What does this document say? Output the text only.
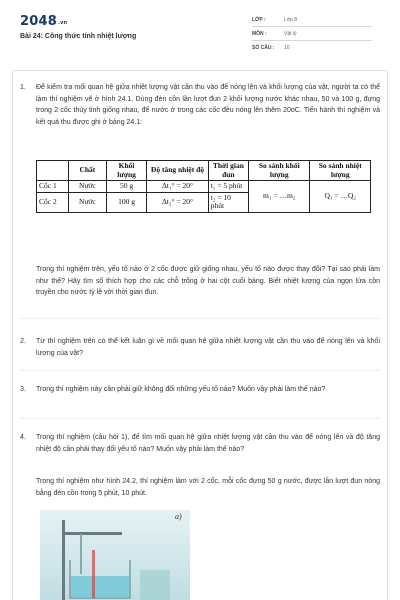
2048.vn
Bài 24: Công thức tính nhiệt lượng
LỚP :	Lớp 8
MÔN :	Vật lý
SỐ CÂU :	10
1. Để kiểm tra mối quan hệ giữa nhiệt lượng vật cần thu vào để nóng lên và khối lượng của vật, người ta có thể làm thí nghiệm vẽ ở hình 24.1. Dùng đèn cồn lần lượt đun 2 khối lượng nước khác nhau, 50 và 100 g, đựng trong 2 cốc thủy tinh giống nhau, để nước ở trong các cốc đều nóng lên thêm 20oC. Tiến hành thí nghiệm và kết quả thu được ghi ở bảng 24.1:
	Chất	Khối lượng	Độ tăng nhiệt độ	Thời gian đun	So sánh khối lượng	So sánh nhiệt lượng
Cốc 1	Nước	50 g	Δt₁° = 20°	t₁ = 5 phút	m₁ = …m₂	Q₁ = …Q₂
Cốc 2	Nước	100 g	Δt₂° = 20°	t₂ = 10 phút		
Trong thí nghiệm trên, yếu tố nào ở 2 cốc được giữ giống nhau, yếu tố nào được thay đổi? Tại sao phải làm như thế? Hãy tìm số thích hợp cho các chỗ trống ở hai cột cuối bảng. Biết nhiệt lượng của ngọn lửa cồn truyền cho nước tỷ lệ với thời gian đun.
2. Từ thí nghiệm trên có thể kết luận gì về mối quan hệ giữa nhiệt lượng vật cần thu vào để nóng lên và khối lượng của vật?
3. Trong thí nghiệm này cần phải giữ không đổi những yếu tố nào? Muốn vậy phải làm thế nào?
4. Trong thí nghiệm (câu hỏi 1), để tìm mối quan hệ giữa nhiệt lượng vật cần thu vào để nóng lên và độ tăng nhiệt độ cần phải thay đổi yếu tố nào? Muốn vậy phải làm thế nào?
Trong thí nghiệm như hình 24.2, thí nghiệm làm với 2 cốc, mỗi cốc đựng 50 g nước, được lần lượt đun nóng bằng đèn cồn trong 5 phút, 10 phút.
a)
